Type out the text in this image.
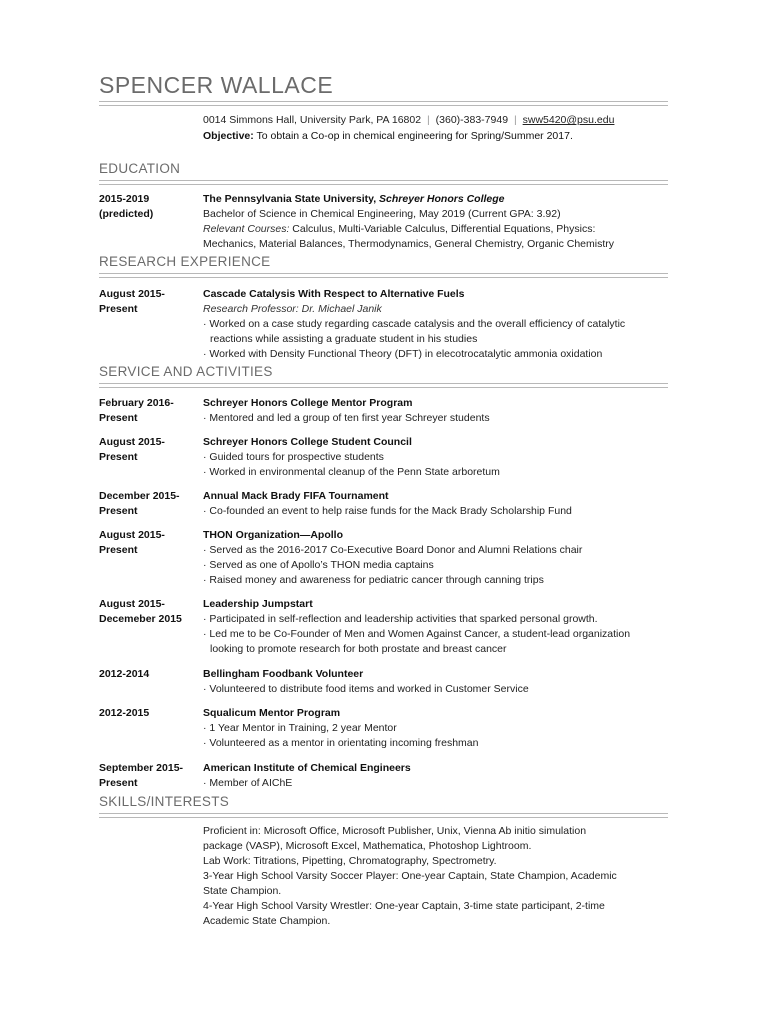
SPENCER WALLACE
0014 Simmons Hall, University Park, PA 16802 | (360)-383-7949 | sww5420@psu.edu
Objective: To obtain a Co-op in chemical engineering for Spring/Summer 2017.
EDUCATION
2015-2019
(predicted)
The Pennsylvania State University, Schreyer Honors College
Bachelor of Science in Chemical Engineering, May 2019 (Current GPA: 3.92)
Relevant Courses: Calculus, Multi-Variable Calculus, Differential Equations, Physics:
Mechanics, Material Balances, Thermodynamics, General Chemistry, Organic Chemistry
RESEARCH EXPERIENCE
August 2015-
Present
Cascade Catalysis With Respect to Alternative Fuels
Research Professor: Dr. Michael Janik
· Worked on a case study regarding cascade catalysis and the overall efficiency of catalytic reactions while assisting a graduate student in his studies
· Worked with Density Functional Theory (DFT) in elecotrocatalytic ammonia oxidation
SERVICE AND ACTIVITIES
February 2016-
Present
Schreyer Honors College Mentor Program
· Mentored and led a group of ten first year Schreyer students
August 2015-
Present
Schreyer Honors College Student Council
· Guided tours for prospective students
· Worked in environmental cleanup of the Penn State arboretum
December 2015-
Present
Annual Mack Brady FIFA Tournament
· Co-founded an event to help raise funds for the Mack Brady Scholarship Fund
August 2015-
Present
THON Organization—Apollo
· Served as the 2016-2017 Co-Executive Board Donor and Alumni Relations chair
· Served as one of Apollo’s THON media captains
· Raised money and awareness for pediatric cancer through canning trips
August 2015-
Decemeber 2015
Leadership Jumpstart
· Participated in self-reflection and leadership activities that sparked personal growth.
· Led me to be Co-Founder of Men and Women Against Cancer, a student-lead organization looking to promote research for both prostate and breast cancer
2012-2014	Bellingham Foodbank Volunteer
· Volunteered to distribute food items and worked in Customer Service
2012-2015	Squalicum Mentor Program
· 1 Year Mentor in Training, 2 year Mentor
· Volunteered as a mentor in orientating incoming freshman
September 2015-
Present
American Institute of Chemical Engineers
· Member of AIChE
SKILLS/INTERESTS
Proficient in: Microsoft Office, Microsoft Publisher, Unix, Vienna Ab initio simulation package (VASP), Microsoft Excel, Mathematica, Photoshop Lightroom.
Lab Work: Titrations, Pipetting, Chromatography, Spectrometry.
3-Year High School Varsity Soccer Player: One-year Captain, State Champion, Academic State Champion.
4-Year High School Varsity Wrestler: One-year Captain, 3-time state participant, 2-time Academic State Champion.
